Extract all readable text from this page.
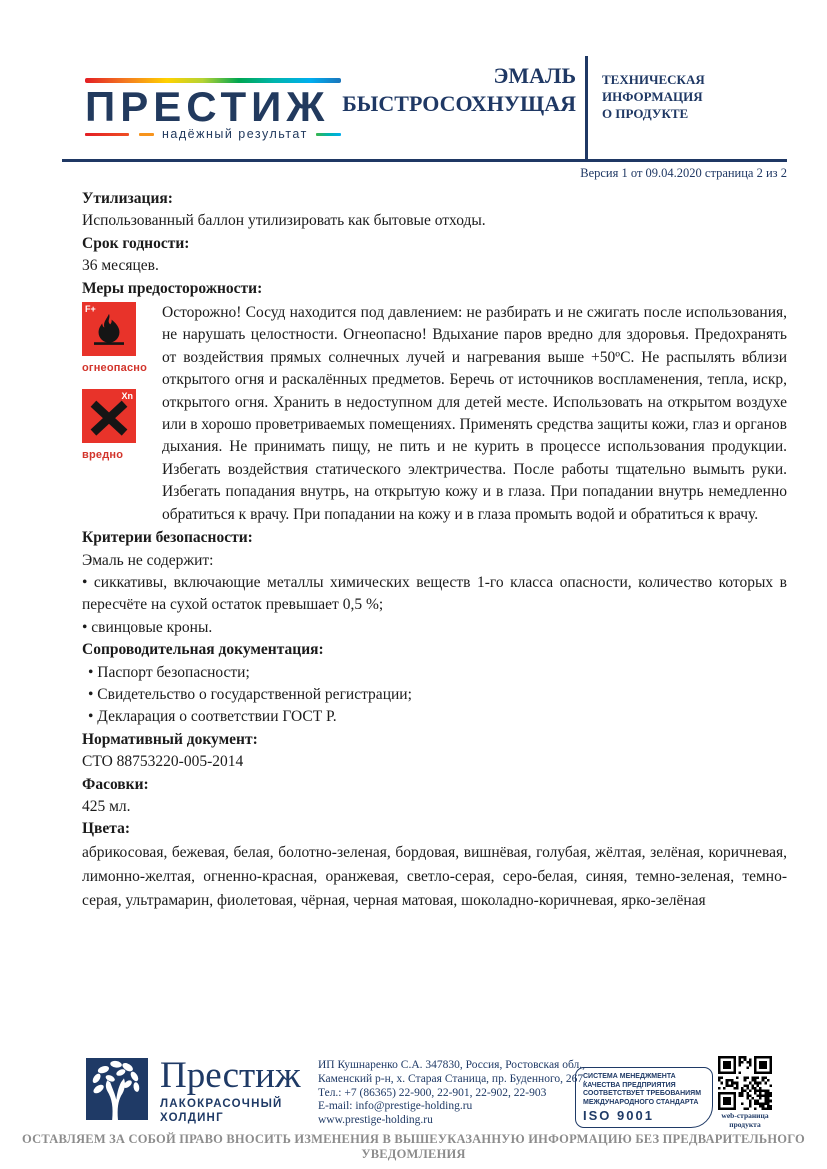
ПРЕСТИЖ
надёжный результат
ЭМАЛЬ
БЫСТРОСОХНУЩАЯ
ТЕХНИЧЕСКАЯ
ИНФОРМАЦИЯ
О ПРОДУКТЕ
Версия 1 от 09.04.2020 страница 2 из 2
Утилизация:
Использованный баллон утилизировать как бытовые отходы.
Срок годности:
36 месяцев.
Меры предосторожности:
F+
огнеопасно
Xn
вредно
Осторожно! Сосуд находится под давлением: не разбирать и не сжигать после использования, не нарушать целостности. Огнеопасно! Вдыхание паров вредно для здоровья. Предохранять от воздействия прямых солнечных лучей и нагревания выше +50ºС. Не распылять вблизи открытого огня и раскалённых предметов. Беречь от источников воспламенения, тепла, искр, открытого огня. Хранить в недоступном для детей месте. Использовать на открытом воздухе или в хорошо проветриваемых помещениях. Применять средства защиты кожи, глаз и органов дыхания. Не принимать пищу, не пить и не курить в процессе использования продукции. Избегать воздействия статического электричества. После работы тщательно вымыть руки. Избегать попадания внутрь, на открытую кожу и в глаза. При попадании внутрь немедленно обратиться к врачу. При попадании на кожу и в глаза промыть водой и обратиться к врачу.
Критерии безопасности:
Эмаль не содержит:
• сиккативы, включающие металлы химических веществ 1-го класса опасности, количество которых в пересчёте на сухой остаток превышает 0,5 %;
• свинцовые кроны.
Сопроводительная документация:
• Паспорт безопасности;
• Свидетельство о государственной регистрации;
• Декларация о соответствии ГОСТ Р.
Нормативный документ:
СТО 88753220-005-2014
Фасовки:
425 мл.
Цвета:
абрикосовая, бежевая, белая, болотно-зеленая, бордовая, вишнёвая, голубая, жёлтая, зелёная, коричневая, лимонно-желтая, огненно-красная, оранжевая, светло-серая, серо-белая, синяя, темно-зеленая, темно-серая, ультрамарин, фиолетовая, чёрная, черная матовая, шоколадно-коричневая, ярко-зелёная
Престиж
ЛАКОКРАСОЧНЫЙ
ХОЛДИНГ
ИП Кушнаренко С.А. 347830, Россия, Ростовская обл.,
Каменский р-н, х. Старая Станица, пр. Буденного, 267.
Тел.: +7 (86365) 22-900, 22-901, 22-902, 22-903
E-mail: info@prestige-holding.ru
www.prestige-holding.ru
СИСТЕМА МЕНЕДЖМЕНТА
КАЧЕСТВА ПРЕДПРИЯТИЯ
СООТВЕТСТВУЕТ ТРЕБОВАНИЯМ
МЕЖДУНАРОДНОГО СТАНДАРТА
ISO 9001	web-страница
продукта
ОСТАВЛЯЕМ ЗА СОБОЙ ПРАВО ВНОСИТЬ ИЗМЕНЕНИЯ В ВЫШЕУКАЗАННУЮ ИНФОРМАЦИЮ БЕЗ ПРЕДВАРИТЕЛЬНОГО УВЕДОМЛЕНИЯ
